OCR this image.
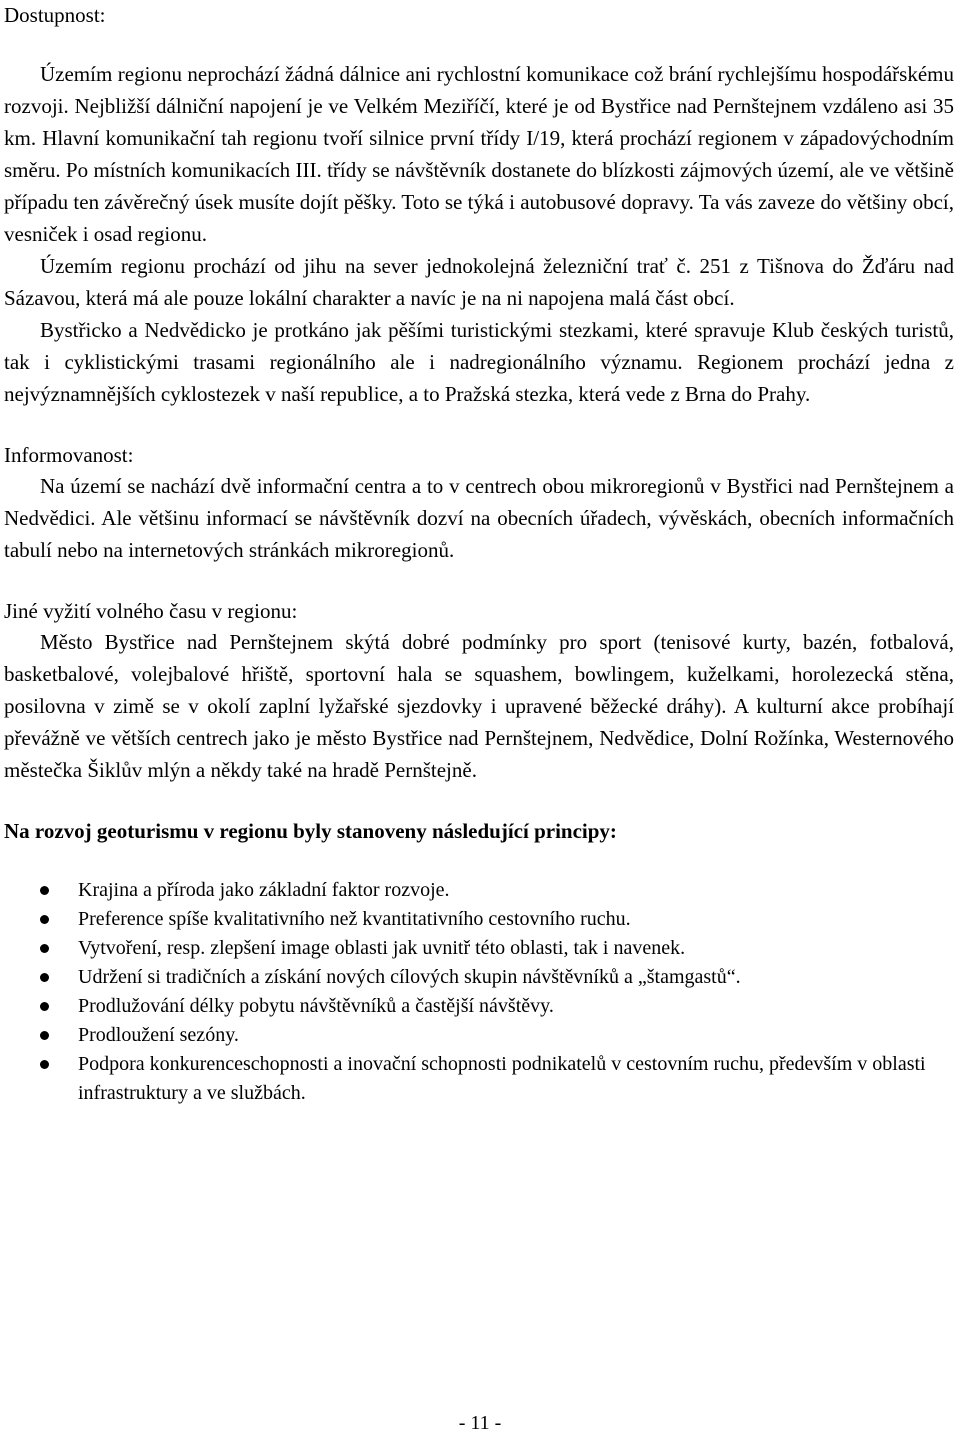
Dostupnost:

Územím regionu neprochází žádná dálnice ani rychlostní komunikace což brání rychlejšímu hospodářskému rozvoji. Nejbližší dálniční napojení je ve Velkém Meziříčí, které je od Bystřice nad Pernštejnem vzdáleno asi 35 km. Hlavní komunikační tah regionu tvoří silnice první třídy I/19, která prochází regionem v západovýchodním směru. Po místních komunikacích III. třídy se návštěvník dostanete do blízkosti zájmových území, ale ve většině případu ten závěrečný úsek musíte dojít pěšky. Toto se týká i autobusové dopravy. Ta vás zaveze do většiny obcí, vesniček i osad regionu.

Územím regionu prochází od jihu na sever jednokolejná železniční trať č. 251 z Tišnova do Žďáru nad Sázavou, která má ale pouze lokální charakter a navíc je na ni napojena malá část obcí.

Bystřicko a Nedvědicko je protkáno jak pěšími turistickými stezkami, které spravuje Klub českých turistů, tak i cyklistickými trasami regionálního ale i nadregionálního významu. Regionem prochází jedna z nejvýznamnějších cyklostezek v naší republice, a to Pražská stezka, která vede z Brna do Prahy.

Informovanost:

Na území se nachází dvě informační centra a to v centrech obou mikroregionů v Bystřici nad Pernštejnem a Nedvědici. Ale většinu informací se návštěvník dozví na obecních úřadech, vývěskách, obecních informačních tabulí nebo na internetových stránkách mikroregionů.

Jiné vyžití volného času v regionu:

Město Bystřice nad Pernštejnem skýtá dobré podmínky pro sport (tenisové kurty, bazén, fotbalová, basketbalové, volejbalové hřiště, sportovní hala se squashem, bowlingem, kuželkami, horolezecká stěna, posilovna v zimě se v okolí zaplní lyžařské sjezdovky i upravené běžecké dráhy). A kulturní akce probíhají převážně ve větších centrech jako je město Bystřice nad Pernštejnem, Nedvědice, Dolní Rožínka, Westernového městečka Šiklův mlýn a někdy také na hradě Pernštejně.

Na rozvoj geoturismu v regionu byly stanoveny následující principy:

Krajina a příroda jako základní faktor rozvoje.
Preference spíše kvalitativního než kvantitativního cestovního ruchu.
Vytvoření, resp. zlepšení image oblasti jak uvnitř této oblasti, tak i navenek.
Udržení si tradičních a získání nových cílových skupin návštěvníků a „štamgastů“.
Prodlužování délky pobytu návštěvníků a častější návštěvy.
Prodloužení sezóny.
Podpora konkurenceschopnosti a inovační schopnosti podnikatelů v cestovním ruchu, především v oblasti infrastruktury a ve službách.
- 11 -
